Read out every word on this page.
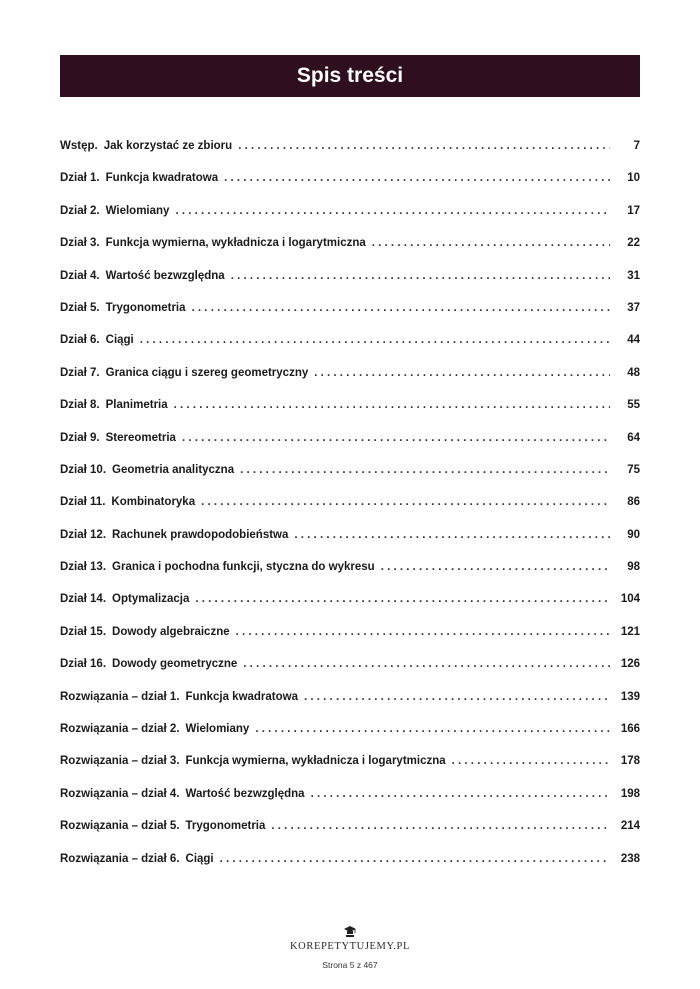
Spis treści
Wstęp. Jak korzystać ze zbioru . . .	7
Dział 1. Funkcja kwadratowa . . .	10
Dział 2. Wielomiany . . .	17
Dział 3. Funkcja wymierna, wykładnicza i logarytmiczna . . .	22
Dział 4. Wartość bezwzględna . . .	31
Dział 5. Trygonometria . . .	37
Dział 6. Ciągi . . .	44
Dział 7. Granica ciągu i szereg geometryczny . . .	48
Dział 8. Planimetria . . .	55
Dział 9. Stereometria . . .	64
Dział 10. Geometria analityczna . . .	75
Dział 11. Kombinatoryka . . .	86
Dział 12. Rachunek prawdopodobieństwa . . .	90
Dział 13. Granica i pochodna funkcji, styczna do wykresu . . .	98
Dział 14. Optymalizacja . . .	104
Dział 15. Dowody algebraiczne . . .	121
Dział 16. Dowody geometryczne . . .	126
Rozwiązania – dział 1. Funkcja kwadratowa . . .	139
Rozwiązania – dział 2. Wielomiany . . .	166
Rozwiązania – dział 3. Funkcja wymierna, wykładnicza i logarytmiczna . . .	178
Rozwiązania – dział 4. Wartość bezwzględna . . .	198
Rozwiązania – dział 5. Trygonometria . . .	214
Rozwiązania – dział 6. Ciągi . . .	238
KOREPETYTUJEMY.PL
Strona 5 z 467
